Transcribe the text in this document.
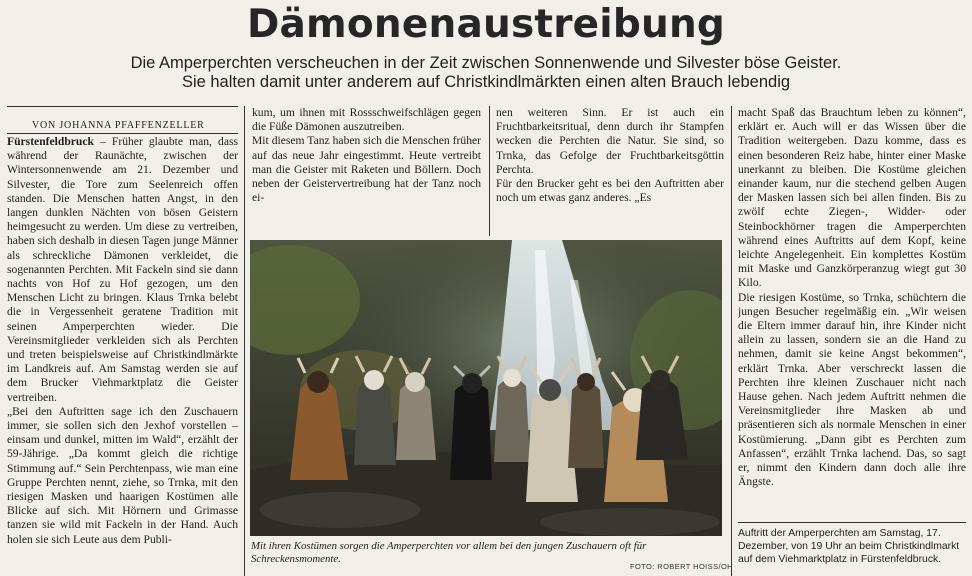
Dämonenaustreibung
Die Amperperchten verscheuchen in der Zeit zwischen Sonnenwende und Silvester böse Geister.
Sie halten damit unter anderem auf Christkindlmärkten einen alten Brauch lebendig
VON JOHANNA PFAFFENZELLER
Fürstenfeldbruck – Früher glaubte man, dass während der Raunächte, zwischen der Wintersonnenwende am 21. Dezember und Silvester, die Tore zum Seelenreich offen standen. Die Menschen hatten Angst, in den langen dunklen Nächten von bösen Geistern heimgesucht zu werden. Um diese zu vertreiben, haben sich deshalb in diesen Tagen junge Männer als schreckliche Dämonen verkleidet, die sogenannten Perchten. Mit Fackeln sind sie dann nachts von Hof zu Hof gezogen, um den Menschen Licht zu bringen. Klaus Trnka belebt die in Vergessenheit geratene Tradition mit seinen Amperperchten wieder. Die Vereinsmitglieder verkleiden sich als Perchten und treten beispielsweise auf Christkindlmärkte im Landkreis auf. Am Samstag werden sie auf dem Brucker Viehmarktplatz die Geister vertreiben.
„Bei den Auftritten sage ich den Zuschauern immer, sie sollen sich den Jexhof vorstellen – einsam und dunkel, mitten im Wald“, erzählt der 59-Jährige. „Da kommt gleich die richtige Stimmung auf.“ Sein Perchtenpass, wie man eine Gruppe Perchten nennt, ziehe, so Trnka, mit den riesigen Masken und haarigen Kostümen alle Blicke auf sich. Mit Hörnern und Grimasse tanzen sie wild mit Fackeln in der Hand. Auch holen sie sich Leute aus dem Publi-
kum, um ihnen mit Rossschweifschlägen gegen die Füße Dämonen auszutreiben.
Mit diesem Tanz haben sich die Menschen früher auf das neue Jahr eingestimmt. Heute vertreibt man die Geister mit Raketen und Böllern. Doch neben der Geistervertreibung hat der Tanz noch ei-
nen weiteren Sinn. Er ist auch ein Fruchtbarkeitsritual, denn durch ihr Stampfen wecken die Perchten die Natur. Sie sind, so Trnka, das Gefolge der Fruchtbarkeitsgöttin Perchta.
Für den Brucker geht es bei den Auftritten aber noch um etwas ganz anderes. „Es
macht Spaß das Brauchtum leben zu können“, erklärt er. Auch will er das Wissen über die Tradition weitergeben. Dazu komme, dass es einen besonderen Reiz habe, hinter einer Maske unerkannt zu bleiben. Die Kostüme gleichen einander kaum, nur die stechend gelben Augen der Masken lassen sich bei allen finden. Bis zu zwölf echte Ziegen-, Widder- oder Steinbockhörner tragen die Amperperchten während eines Auftritts auf dem Kopf, keine leichte Angelegenheit. Ein komplettes Kostüm mit Maske und Ganzkörperanzug wiegt gut 30 Kilo.
Die riesigen Kostüme, so Trnka, schüchtern die jungen Besucher regelmäßig ein. „Wir weisen die Eltern immer darauf hin, ihre Kinder nicht allein zu lassen, sondern sie an die Hand zu nehmen, damit sie keine Angst bekommen“, erklärt Trnka. Aber verschreckt lassen die Perchten ihre kleinen Zuschauer nicht nach Hause gehen. Nach jedem Auftritt nehmen die Vereinsmitglieder ihre Masken ab und präsentieren sich als normale Menschen in einer Kostümierung. „Dann gibt es Perchten zum Anfassen“, erzählt Trnka lachend. Das, so sagt er, nimmt den Kindern dann doch alle ihre Ängste.
Mit ihren Kostümen sorgen die Amperperchten vor allem bei den jungen Zuschauern oft für Schreckensmomente.
FOTO: ROBERT HOISS/OH
Auftritt der Amperperchten am Samstag, 17. Dezember, von 19 Uhr an beim Christkindlmarkt auf dem Viehmarktplatz in Fürstenfeldbruck.
